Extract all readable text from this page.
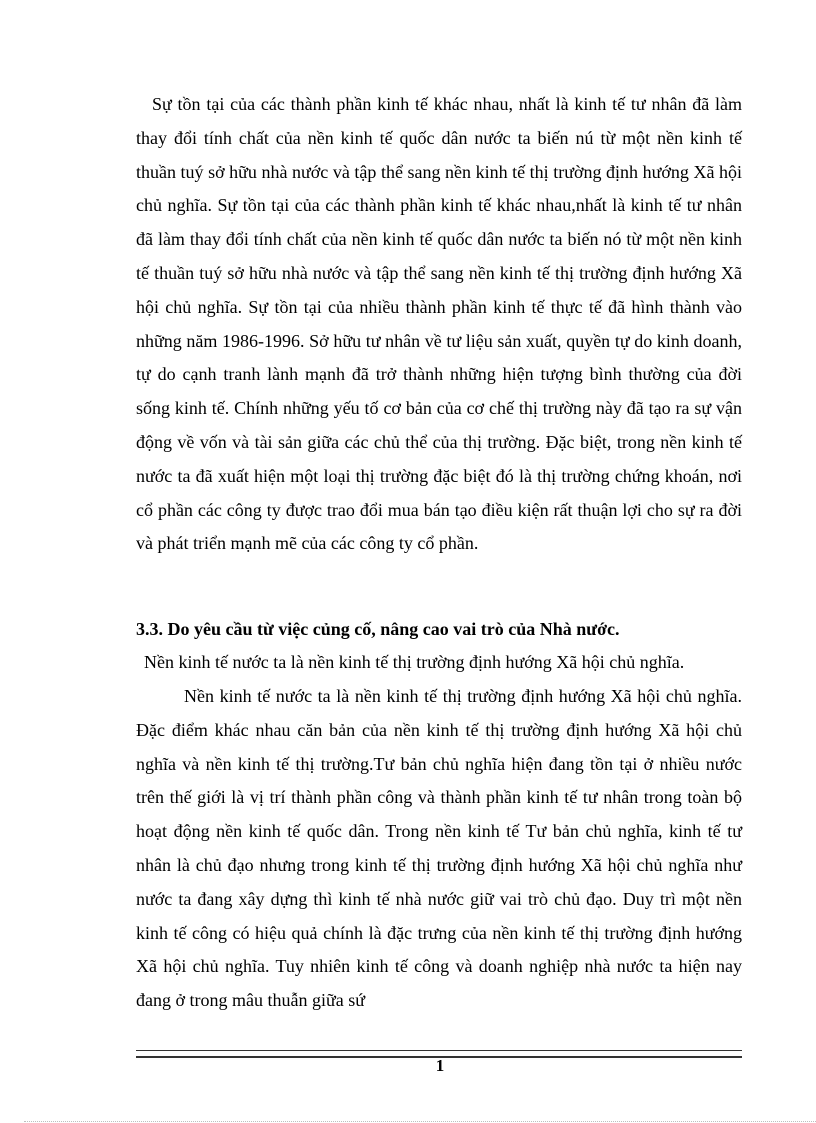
Sự tồn tại của các thành phần kinh tế khác nhau, nhất là kinh tế tư nhân đã làm thay đổi tính chất của nền kinh tế quốc dân nước ta biến nú từ một nền kinh tế thuần tuý sở hữu nhà nước và tập thể sang nền kinh tế thị trường định hướng Xã hội chủ nghĩa. Sự tồn tại của các thành phần kinh tế khác nhau,nhất là kinh tế tư nhân đã làm thay đổi tính chất của nền kinh tế quốc dân nước ta biến nó từ một nền kinh tế thuần tuý sở hữu nhà nước và tập thể sang nền kinh tế thị trường định hướng Xã hội chủ nghĩa. Sự tồn tại của nhiều thành phần kinh tế thực tế đã hình thành vào những năm 1986-1996. Sở hữu tư nhân về tư liệu sản xuất, quyền tự do kinh doanh, tự do cạnh tranh lành mạnh đã trở thành những hiện tượng bình thường của đời sống kinh tế. Chính những yếu tố cơ bản của cơ chế thị trường này đã tạo ra sự vận động về vốn và tài sản giữa các chủ thể của thị trường. Đặc biệt, trong nền kinh tế nước ta đã xuất hiện một loại thị trường đặc biệt đó là thị trường chứng khoán, nơi cổ phần các công ty được trao đổi mua bán tạo điều kiện rất thuận lợi cho sự ra đời và phát triển mạnh mẽ của các công ty cổ phần.

3.3. Do yêu cầu từ việc củng cố, nâng cao vai trò của Nhà nước.

Nền kinh tế nước ta là nền kinh tế thị trường định hướng Xã hội chủ nghĩa.

Nền kinh tế nước ta là nền kinh tế thị trường định hướng Xã hội chủ nghĩa. Đặc điểm khác nhau căn bản của nền kinh tế thị trường định hướng Xã hội chủ nghĩa và nền kinh tế thị trường.Tư bản chủ nghĩa hiện đang tồn tại ở nhiều nước trên thế giới là vị trí thành phần công và thành phần kinh tế tư nhân trong toàn bộ hoạt động nền kinh tế quốc dân. Trong nền kinh tế Tư bản chủ nghĩa, kinh tế tư nhân là chủ đạo nhưng trong kinh tế thị trường định hướng Xã hội chủ nghĩa như nước ta đang xây dựng thì kinh tế nhà nước giữ vai trò chủ đạo. Duy trì một nền kinh tế công có hiệu quả chính là đặc trưng của nền kinh tế thị trường định hướng Xã hội chủ nghĩa. Tuy nhiên kinh tế công và doanh nghiệp nhà nước ta hiện nay đang ở trong mâu thuẫn giữa sứ

1
